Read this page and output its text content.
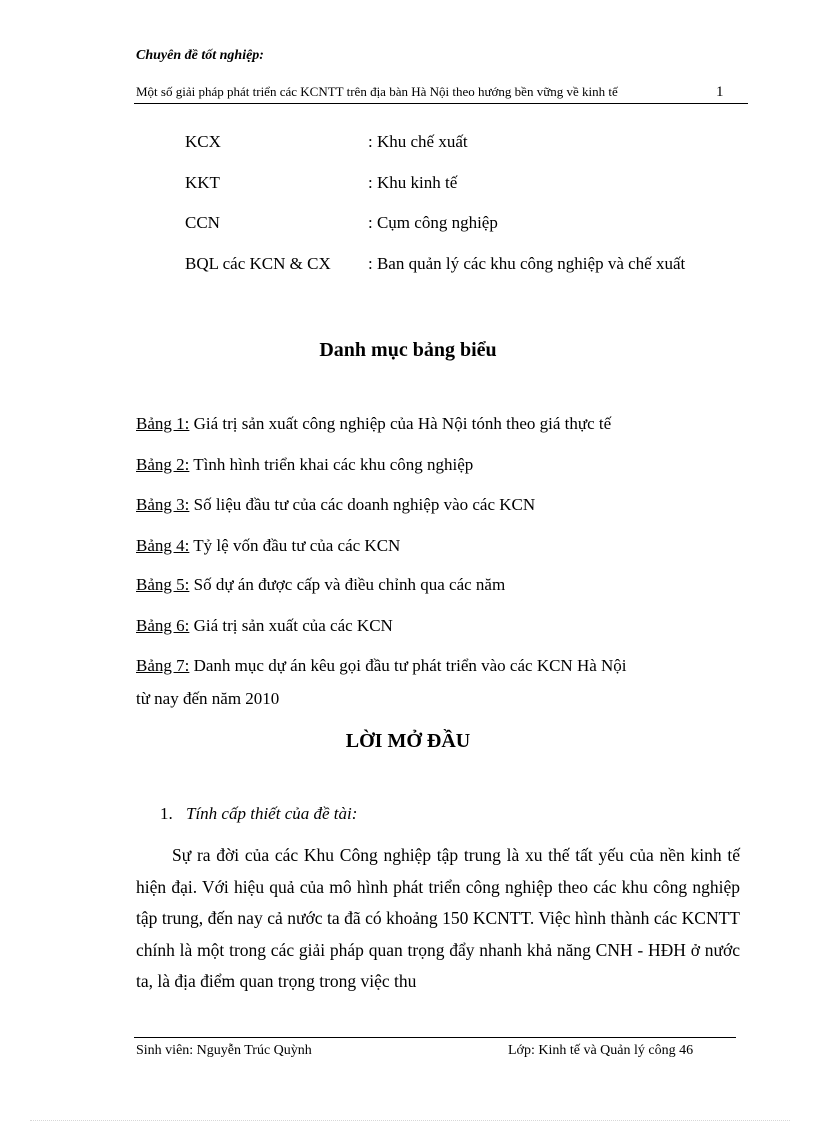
Chuyên đề tốt nghiệp:
Một số giải pháp phát triển các KCNTT trên địa bàn Hà Nội theo hướng bền vững về kinh tế	1
KCX	: Khu chế xuất
KKT	: Khu kinh tế
CCN	: Cụm công nghiệp
BQL các KCN & CX : Ban quản lý các khu công nghiệp và chế xuất
Danh mục bảng biểu
Bảng 1: Giá trị sản xuất công nghiệp của Hà Nội tónh theo giá thực tế
Bảng 2: Tình hình triển khai các khu công nghiệp
Bảng 3: Số liệu đầu tư của các doanh nghiệp vào các KCN
Bảng 4: Tỷ lệ vốn đầu tư của các KCN
Bảng 5: Số dự án được cấp và điều chỉnh qua các năm
Bảng 6: Giá trị sản xuất của các KCN
Bảng 7: Danh mục dự án kêu gọi đầu tư phát triển vào các KCN Hà Nội
từ nay đến năm 2010
LỜI MỞ ĐẦU
1. Tính cấp thiết của đề tài:
Sự ra đời của các Khu Công nghiệp tập trung là xu thế tất yếu của nền kinh tế hiện đại. Với hiệu quả của mô hình phát triển công nghiệp theo các khu công nghiệp tập trung, đến nay cả nước ta đã có khoảng 150 KCNTT. Việc hình thành các KCNTT chính là một trong các giải pháp quan trọng đẩy nhanh khả năng CNH - HĐH ở nước ta, là địa điểm quan trọng trong việc thu
Sinh viên: Nguyễn Trúc Quỳnh	Lớp: Kinh tế và Quản lý công 46
